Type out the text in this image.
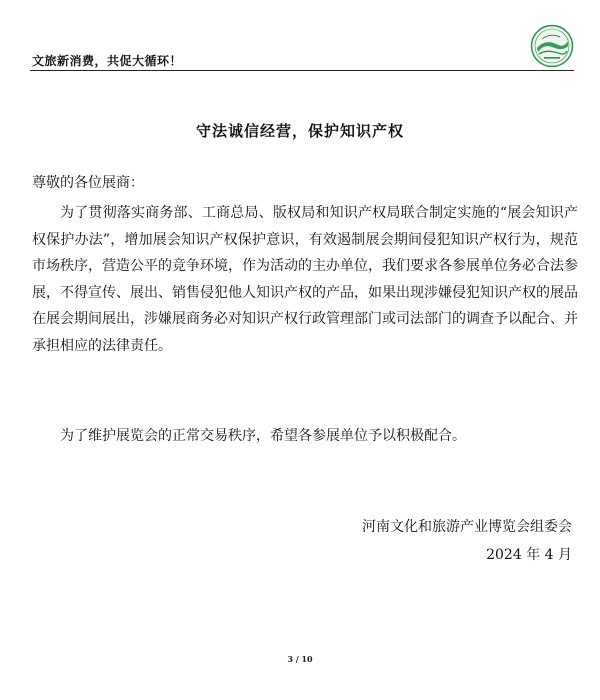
文旅新消费，共促大循环！
守法诚信经营，保护知识产权
尊敬的各位展商：

为了贯彻落实商务部、工商总局、版权局和知识产权局联合制定实施的“展会知识产权保护办法”，增加展会知识产权保护意识，有效遏制展会期间侵犯知识产权行为，规范市场秩序，营造公平的竞争环境，作为活动的主办单位，我们要求各参展单位务必合法参展，不得宣传、展出、销售侵犯他人知识产权的产品，如果出现涉嫌侵犯知识产权的展品在展会期间展出，涉嫌展商务必对知识产权行政管理部门或司法部门的调查予以配合、并承担相应的法律责任。

为了维护展览会的正常交易秩序，希望各参展单位予以积极配合。

河南文化和旅游产业博览会组委会
2024 年 4 月
3 / 10
